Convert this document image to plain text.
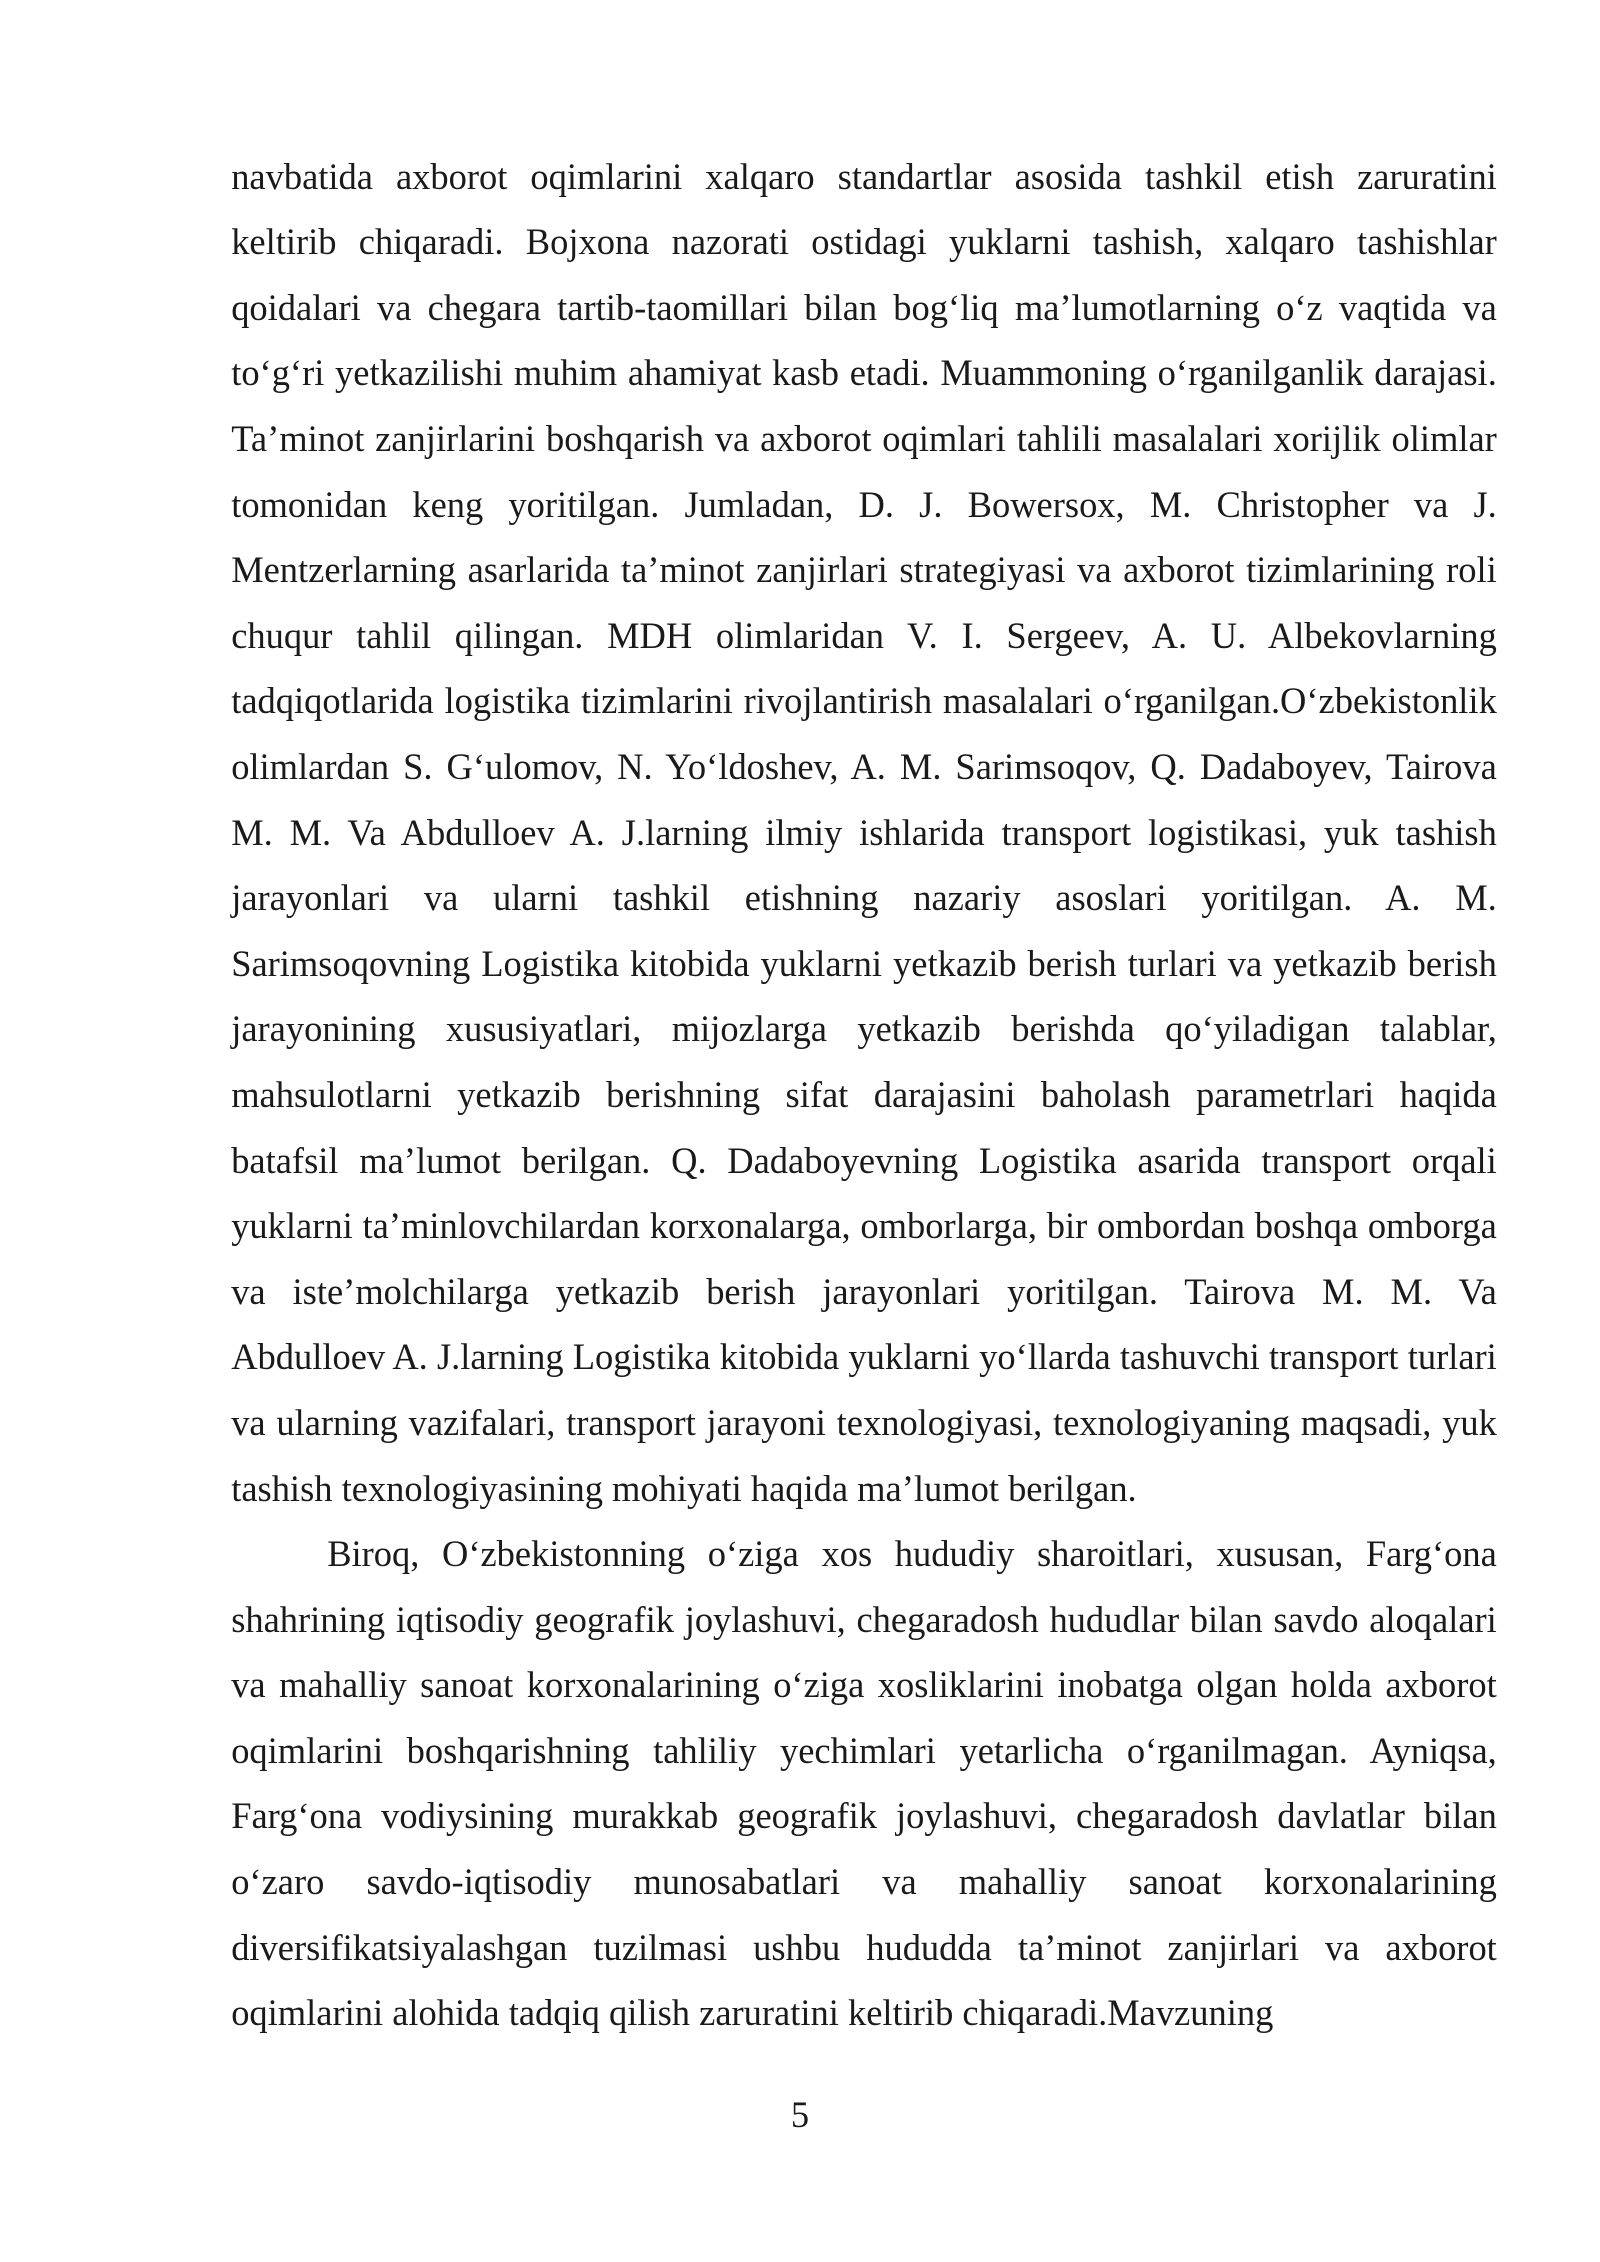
navbatida axborot oqimlarini xalqaro standartlar asosida tashkil etish zaruratini keltirib chiqaradi. Bojxona nazorati ostidagi yuklarni tashish, xalqaro tashishlar qoidalari va chegara tartib-taomillari bilan bog‘liq ma’lumotlarning o‘z vaqtida va to‘g‘ri yetkazilishi muhim ahamiyat kasb etadi. Muammoning o‘rganilganlik darajasi. Ta’minot zanjirlarini boshqarish va axborot oqimlari tahlili masalalari xorijlik olimlar tomonidan keng yoritilgan. Jumladan, D. J. Bowersox, M. Christopher va J. Mentzerlarning asarlarida ta’minot zanjirlari strategiyasi va axborot tizimlarining roli chuqur tahlil qilingan. MDH olimlaridan V. I. Sergeev, A. U. Albekovlarning tadqiqotlarida logistika tizimlarini rivojlantirish masalalari o‘rganilgan.O‘zbekistonlik olimlardan S. G‘ulomov, N. Yo‘ldoshev, A. M. Sarimsoqov, Q. Dadaboyev, Tairova M. M. Va Abdulloev A. J.larning ilmiy ishlarida transport logistikasi, yuk tashish jarayonlari va ularni tashkil etishning nazariy asoslari yoritilgan. A. M. Sarimsoqovning Logistika kitobida yuklarni yetkazib berish turlari va yetkazib berish jarayonining xususiyatlari, mijozlarga yetkazib berishda qo‘yiladigan talablar, mahsulotlarni yetkazib berishning sifat darajasini baholash parametrlari haqida batafsil ma’lumot berilgan. Q. Dadaboyevning Logistika asarida transport orqali yuklarni ta’minlovchilardan korxonalarga, omborlarga, bir ombordan boshqa omborga va iste’molchilarga yetkazib berish jarayonlari yoritilgan. Tairova M. M. Va Abdulloev A. J.larning Logistika kitobida yuklarni yo‘llarda tashuvchi transport turlari va ularning vazifalari, transport jarayoni texnologiyasi, texnologiyaning maqsadi, yuk tashish texnologiyasining mohiyati haqida ma’lumot berilgan.

Biroq, O‘zbekistonning o‘ziga xos hududiy sharoitlari, xususan, Farg‘ona shahrining iqtisodiy geografik joylashuvi, chegaradosh hududlar bilan savdo aloqalari va mahalliy sanoat korxonalarining o‘ziga xosliklarini inobatga olgan holda axborot oqimlarini boshqarishning tahliliy yechimlari yetarlicha o‘rganilmagan. Ayniqsa, Farg‘ona vodiysining murakkab geografik joylashuvi, chegaradosh davlatlar bilan o‘zaro savdo-iqtisodiy munosabatlari va mahalliy sanoat korxonalarining diversifikatsiyalashgan tuzilmasi ushbu hududda ta’minot zanjirlari va axborot oqimlarini alohida tadqiq qilish zaruratini keltirib chiqaradi.Mavzuning

5
